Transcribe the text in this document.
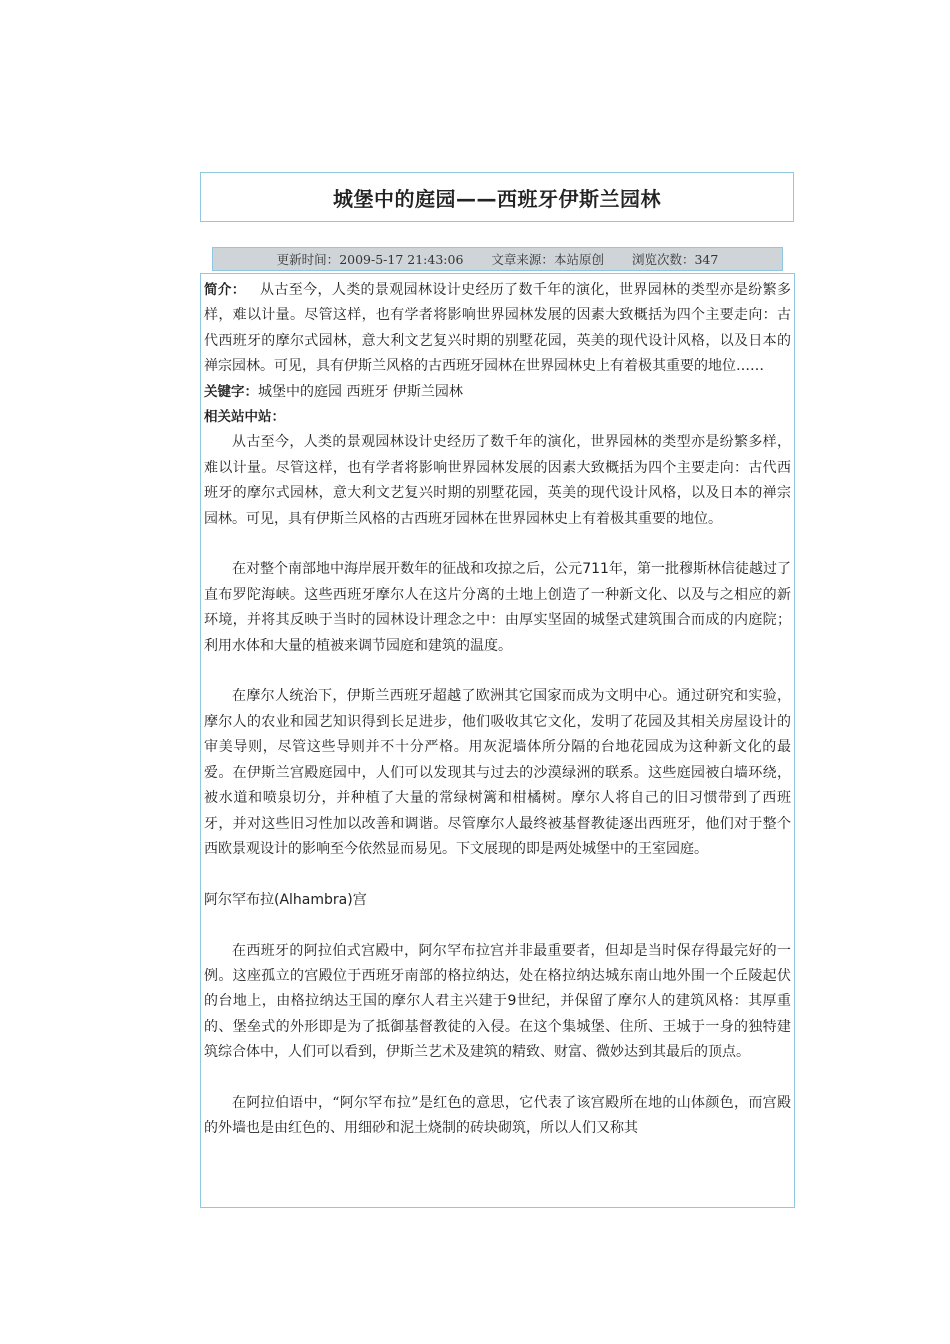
城堡中的庭园——西班牙伊斯兰园林
更新时间： 2009-5-17 21:43:06 文章来源： 本站原创 浏览次数： 347

简介： 从古至今，人类的景观园林设计史经历了数千年的演化，世界园林的类型亦是纷繁多样，难以计量。尽管这样，也有学者将影响世界园林发展的因素大致概括为四个主要走向：古代西班牙的摩尔式园林，意大利文艺复兴时期的别墅花园，英美的现代设计风格，以及日本的禅宗园林。可见，具有伊斯兰风格的古西班牙园林在世界园林史上有着极其重要的地位……

关键字：城堡中的庭园 西班牙 伊斯兰园林

相关站中站：

从古至今，人类的景观园林设计史经历了数千年的演化，世界园林的类型亦是纷繁多样，难以计量。尽管这样，也有学者将影响世界园林发展的因素大致概括为四个主要走向：古代西班牙的摩尔式园林，意大利文艺复兴时期的别墅花园，英美的现代设计风格，以及日本的禅宗园林。可见，具有伊斯兰风格的古西班牙园林在世界园林史上有着极其重要的地位。

在对整个南部地中海岸展开数年的征战和攻掠之后，公元711年，第一批穆斯林信徒越过了直布罗陀海峡。这些西班牙摩尔人在这片分离的土地上创造了一种新文化、以及与之相应的新环境，并将其反映于当时的园林设计理念之中：由厚实坚固的城堡式建筑围合而成的内庭院；利用水体和大量的植被来调节园庭和建筑的温度。

在摩尔人统治下，伊斯兰西班牙超越了欧洲其它国家而成为文明中心。通过研究和实验，摩尔人的农业和园艺知识得到长足进步，他们吸收其它文化，发明了花园及其相关房屋设计的审美导则，尽管这些导则并不十分严格。用灰泥墙体所分隔的台地花园成为这种新文化的最爱。在伊斯兰宫殿庭园中，人们可以发现其与过去的沙漠绿洲的联系。这些庭园被白墙环绕，被水道和喷泉切分，并种植了大量的常绿树篱和柑橘树。摩尔人将自己的旧习惯带到了西班牙，并对这些旧习性加以改善和调谐。尽管摩尔人最终被基督教徒逐出西班牙，他们对于整个西欧景观设计的影响至今依然显而易见。下文展现的即是两处城堡中的王室园庭。

阿尔罕布拉(Alhambra)宫

在西班牙的阿拉伯式宫殿中，阿尔罕布拉宫并非最重要者，但却是当时保存得最完好的一例。这座孤立的宫殿位于西班牙南部的格拉纳达，处在格拉纳达城东南山地外围一个丘陵起伏的台地上，由格拉纳达王国的摩尔人君主兴建于9世纪，并保留了摩尔人的建筑风格：其厚重的、堡垒式的外形即是为了抵御基督教徒的入侵。在这个集城堡、住所、王城于一身的独特建筑综合体中，人们可以看到，伊斯兰艺术及建筑的精致、财富、微妙达到其最后的顶点。

在阿拉伯语中，“阿尔罕布拉”是红色的意思，它代表了该宫殿所在地的山体颜色，而宫殿 的外墙也是由红色的、用细砂和泥土烧制的砖块砌筑，所以人们又称其
